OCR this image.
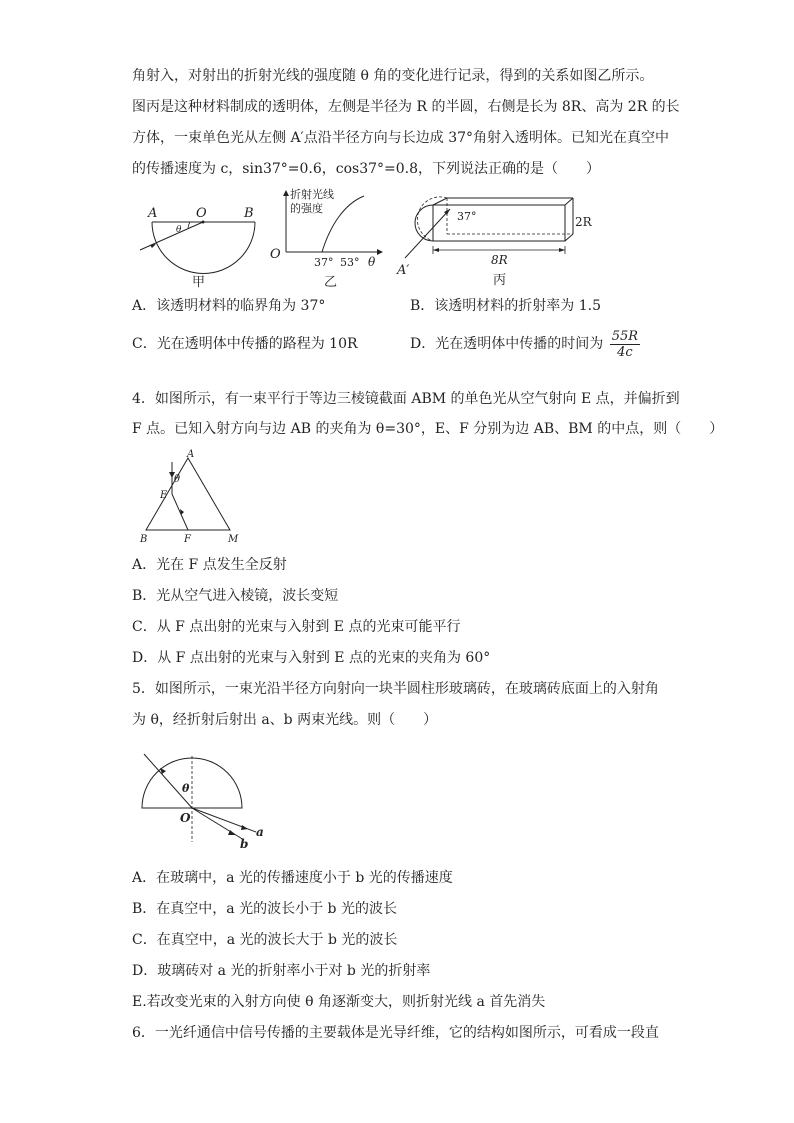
角射入，对射出的折射光线的强度随 θ 角的变化进行记录，得到的关系如图乙所示。
图丙是这种材料制成的透明体，左侧是半径为 R 的半圆，右侧是长为 8R、高为 2R 的长
方体，一束单色光从左侧 A′点沿半径方向与长边成 37°角射入透明体。已知光在真空中
的传播速度为 c，sin37°=0.6，cos37°=0.8，下列说法正确的是（　　）
A	O	B
θ
甲
折射光线
的强度
O
37° 53° θ
乙
37°	2R
8R
A′
丙
A．该透明材料的临界角为 37°	B．该透明材料的折射率为 1.5
C．光在透明体中传播的路程为 10R	D．光在透明体中传播的时间为 $\frac{55R}{4c}$
4．如图所示，有一束平行于等边三棱镜截面 ABM 的单色光从空气射向 E 点，并偏折到
F 点。已知入射方向与边 AB 的夹角为 θ=30°，E、F 分别为边 AB、BM 的中点，则（　　）
A
θ
E
B	F	M
A．光在 F 点发生全反射
B．光从空气进入棱镜，波长变短
C．从 F 点出射的光束与入射到 E 点的光束可能平行
D．从 F 点出射的光束与入射到 E 点的光束的夹角为 60°
5．如图所示，一束光沿半径方向射向一块半圆柱形玻璃砖，在玻璃砖底面上的入射角
为 θ，经折射后射出 a、b 两束光线。则（　　）
θ
O
a
b
A．在玻璃中，a 光的传播速度小于 b 光的传播速度
B．在真空中，a 光的波长小于 b 光的波长
C．在真空中，a 光的波长大于 b 光的波长
D．玻璃砖对 a 光的折射率小于对 b 光的折射率
E.若改变光束的入射方向使 θ 角逐渐变大，则折射光线 a 首先消失
6．一光纤通信中信号传播的主要载体是光导纤维，它的结构如图所示，可看成一段直
